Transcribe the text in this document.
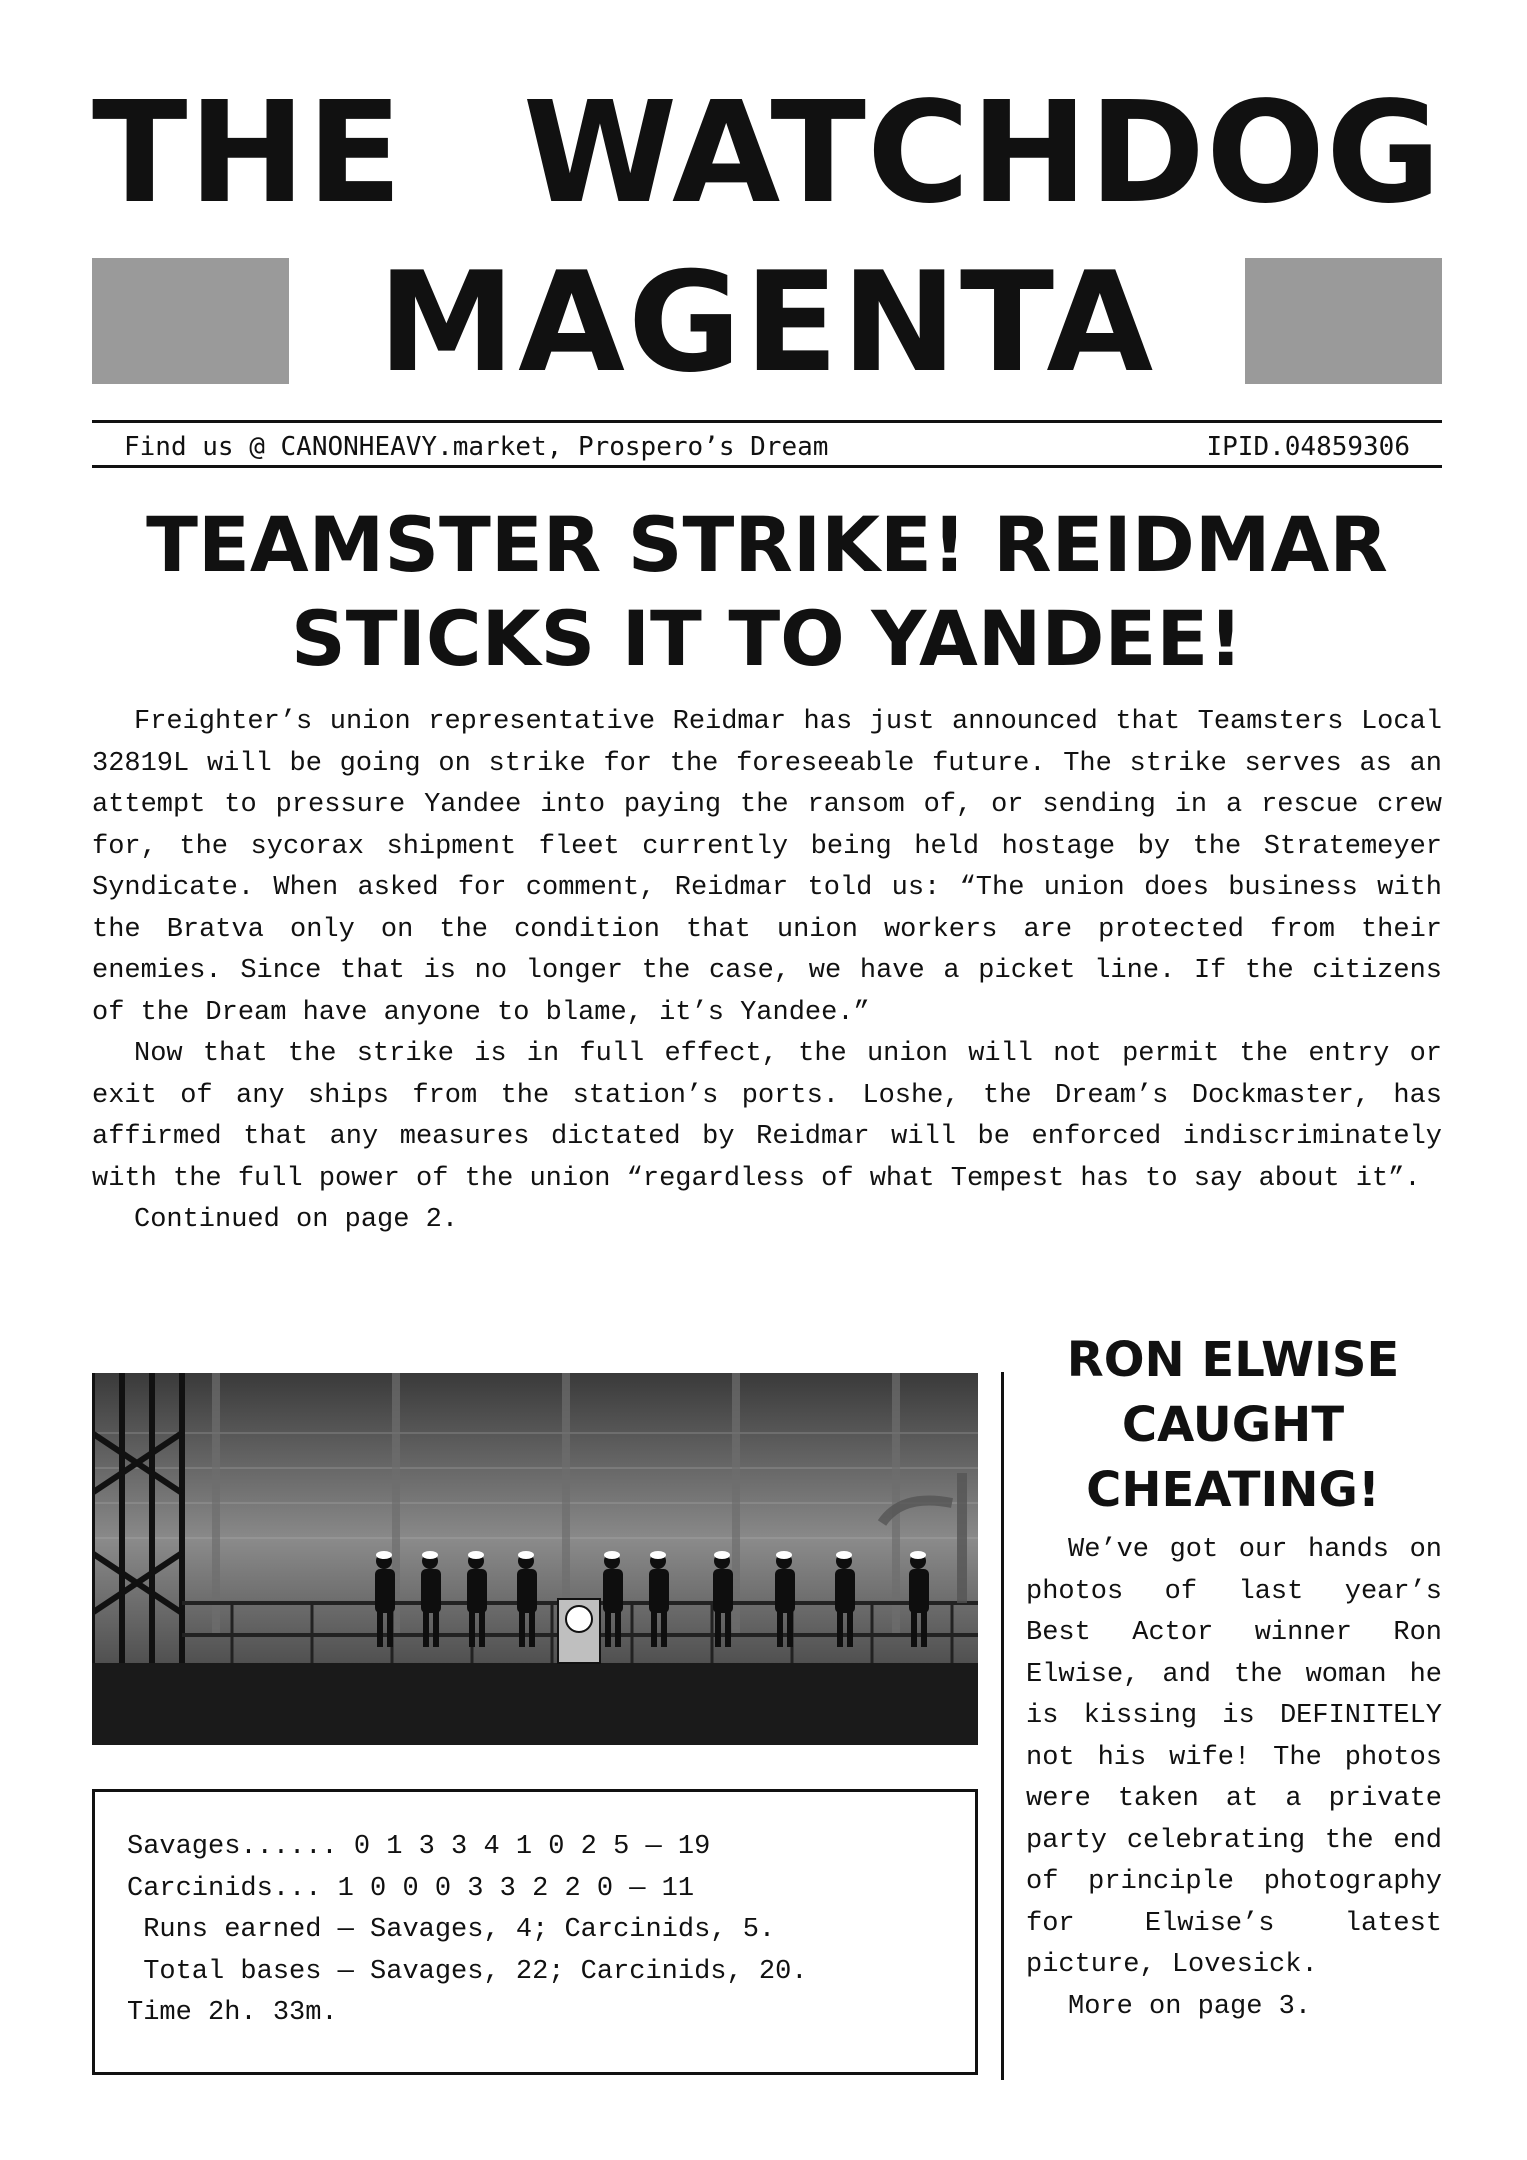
THE WATCHDOG
MAGENTA
Find us @ CANONHEAVY.market, Prospero’s Dream	IPID.04859306
TEAMSTER STRIKE! REIDMAR
STICKS IT TO YANDEE!

Freighter’s union representative Reidmar has just announced that Teamsters Local 32819L will be going on strike for the foreseeable future. The strike serves as an attempt to pressure Yandee into paying the ransom of, or sending in a rescue crew for, the sycorax shipment fleet currently being held hostage by the Stratemeyer Syndicate. When asked for comment, Reidmar told us: “The union does business with the Bratva only on the condition that union workers are protected from their enemies. Since that is no longer the case, we have a picket line. If the citizens of the Dream have anyone to blame, it’s Yandee.”

Now that the strike is in full effect, the union will not permit the entry or exit of any ships from the station’s ports. Loshe, the Dream’s Dockmaster, has affirmed that any measures dictated by Reidmar will be enforced indiscriminately with the full power of the union “regardless of what Tempest has to say about it”.

Continued on page 2.

Savages...... 0 1 3 3 4 1 0 2 5 — 19
Carcinids... 1 0 0 0 3 3 2 2 0 — 11
Runs earned — Savages, 4; Carcinids, 5.
Total bases — Savages, 22; Carcinids, 20.
Time 2h. 33m.
RON ELWISE
CAUGHT
CHEATING!

We’ve got our hands on photos of last year’s Best Actor winner Ron Elwise, and the woman he is kissing is DEFINITELY not his wife! The photos were taken at a private party celebrating the end of principle photography for Elwise’s latest picture, Lovesick.

More on page 3.
